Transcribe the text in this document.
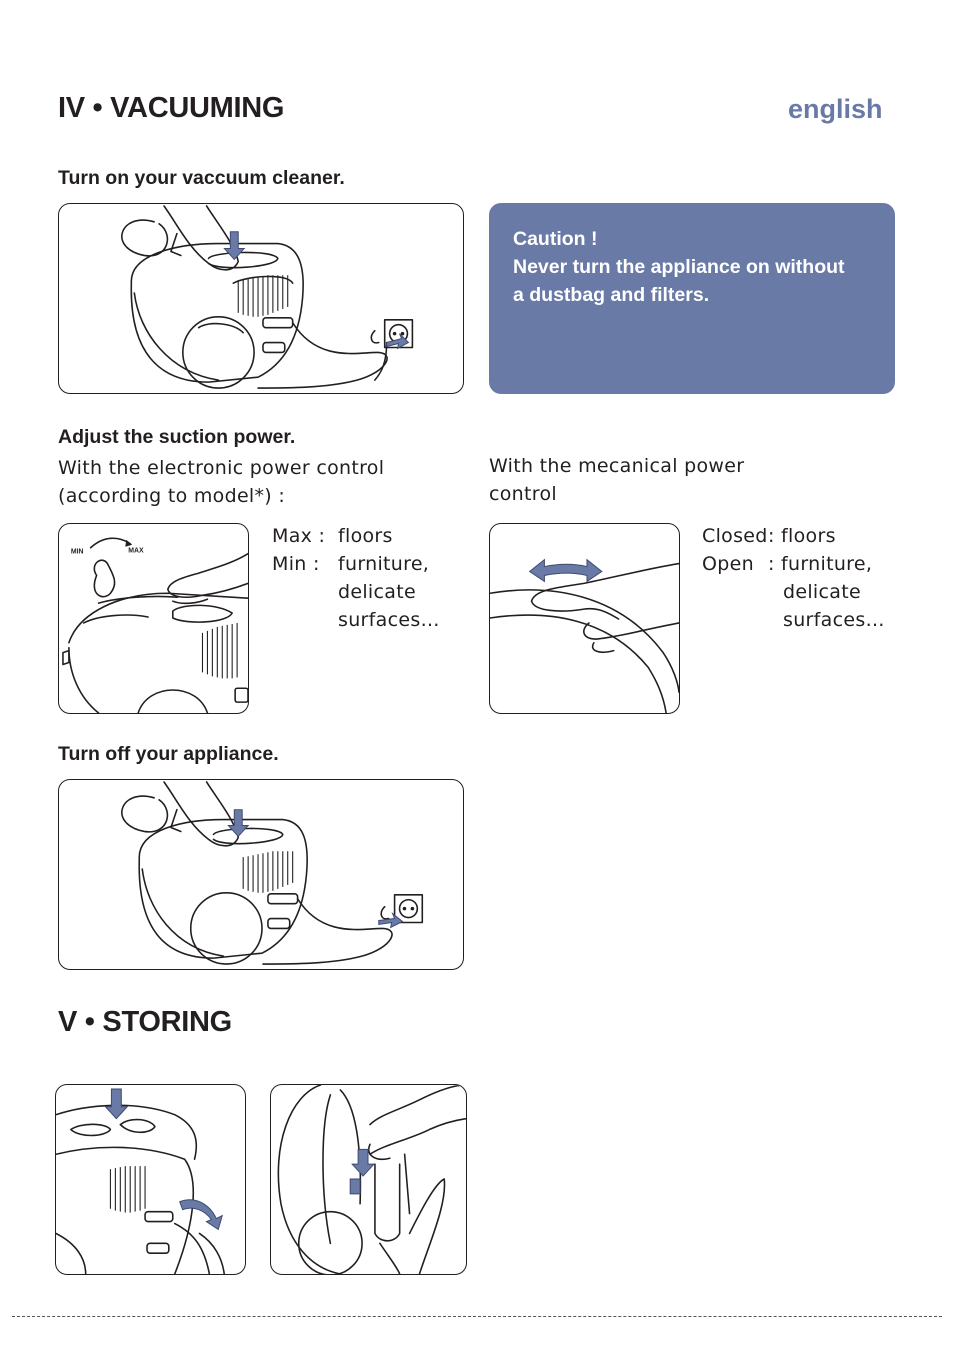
IV • VACUUMING	english
Turn on your vaccuum cleaner.
Caution !
Never turn the appliance on without
a dustbag and filters.
Adjust the suction power.
With the electronic power control
(according to model*) :
With the mecanical power
control
MIN	MAX
Max : floors
Min : furniture,
delicate
surfaces…
Closed : floors
Open : furniture,
delicate
surfaces…
Turn off your appliance.
V • STORING
